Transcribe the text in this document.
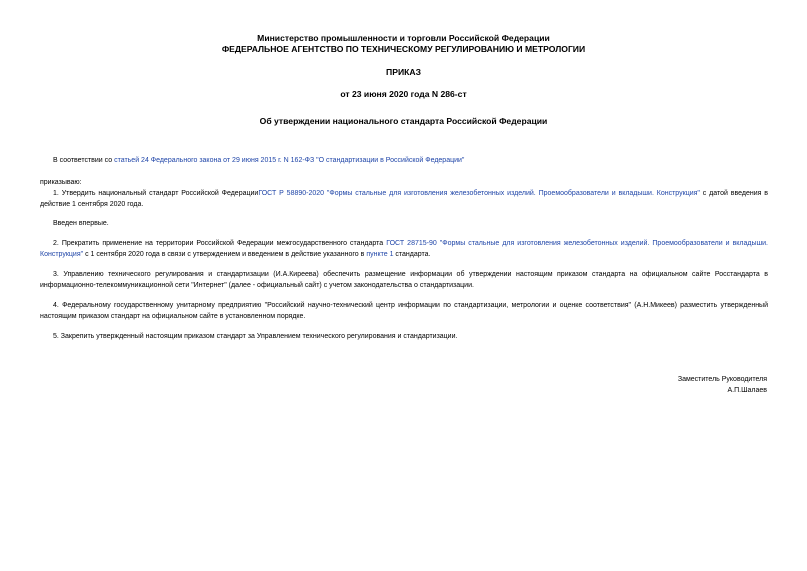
Министерство промышленности и торговли Российской Федерации
ФЕДЕРАЛЬНОЕ АГЕНТСТВО ПО ТЕХНИЧЕСКОМУ РЕГУЛИРОВАНИЮ И МЕТРОЛОГИИ
ПРИКАЗ
от 23 июня 2020 года N 286-ст
Об утверждении национального стандарта Российской Федерации
В соответствии со статьей 24 Федерального закона от 29 июня 2015 г. N 162-ФЗ "О стандартизации в Российской Федерации"
приказываю:
1. Утвердить национальный стандарт Российской ФедерацииГОСТ Р 58890-2020 "Формы стальные для изготовления железобетонных изделий. Проемообразователи и вкладыши. Конструкция" с датой введения в действие 1 сентября 2020 года.
Введен впервые.
2. Прекратить применение на территории Российской Федерации межгосударственного стандарта ГОСТ 28715-90 "Формы стальные для изготовления железобетонных изделий. Проемообразователи и вкладыши. Конструкция" с 1 сентября 2020 года в связи с утверждением и введением в действие указанного в пункте 1 стандарта.
3. Управлению технического регулирования и стандартизации (И.А.Киреева) обеспечить размещение информации об утверждении настоящим приказом стандарта на официальном сайте Росстандарта в информационно-телекоммуникационной сети "Интернет" (далее - официальный сайт) с учетом законодательства о стандартизации.
4. Федеральному государственному унитарному предприятию "Российский научно-технический центр информации по стандартизации, метрологии и оценке соответствия" (А.Н.Микеев) разместить утвержденный настоящим приказом стандарт на официальном сайте в установленном порядке.
5. Закрепить утвержденный настоящим приказом стандарт за Управлением технического регулирования и стандартизации.
Заместитель Руководителя
А.П.Шалаев
